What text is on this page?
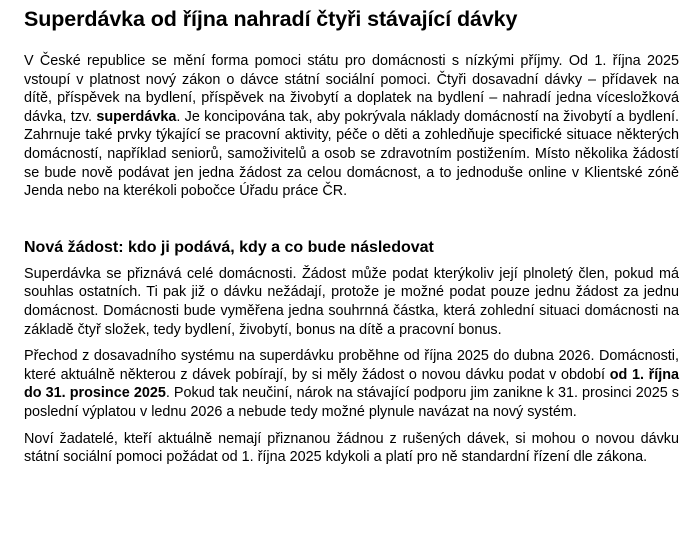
Superdávka od října nahradí čtyři stávající dávky

V České republice se mění forma pomoci státu pro domácnosti s nízkými příjmy. Od 1. října 2025 vstoupí v platnost nový zákon o dávce státní sociální pomoci. Čtyři dosavadní dávky – přídavek na dítě, příspěvek na bydlení, příspěvek na živobytí a doplatek na bydlení – nahradí jedna vícesložková dávka, tzv. superdávka. Je koncipována tak, aby pokrývala náklady domácností na živobytí a bydlení. Zahrnuje také prvky týkající se pracovní aktivity, péče o děti a zohledňuje specifické situace některých domácností, například seniorů, samoživitelů a osob se zdravotním postižením. Místo několika žádostí se bude nově podávat jen jedna žádost za celou domácnost, a to jednoduše online v Klientské zóně Jenda nebo na kterékoli pobočce Úřadu práce ČR.

Nová žádost: kdo ji podává, kdy a co bude následovat

Superdávka se přiznává celé domácnosti. Žádost může podat kterýkoliv její plnoletý člen, pokud má souhlas ostatních. Ti pak již o dávku nežádají, protože je možné podat pouze jednu žádost za jednu domácnost. Domácnosti bude vyměřena jedna souhrnná částka, která zohlední situaci domácnosti na základě čtyř složek, tedy bydlení, živobytí, bonus na dítě a pracovní bonus.

Přechod z dosavadního systému na superdávku proběhne od října 2025 do dubna 2026. Domácnosti, které aktuálně některou z dávek pobírají, by si měly žádost o novou dávku podat v období od 1. října do 31. prosince 2025. Pokud tak neučiní, nárok na stávající podporu jim zanikne k 31. prosinci 2025 s poslední výplatou v lednu 2026 a nebude tedy možné plynule navázat na nový systém.

Noví žadatelé, kteří aktuálně nemají přiznanou žádnou z rušených dávek, si mohou o novou dávku státní sociální pomoci požádat od 1. října 2025 kdykoli a platí pro ně standardní řízení dle zákona.
